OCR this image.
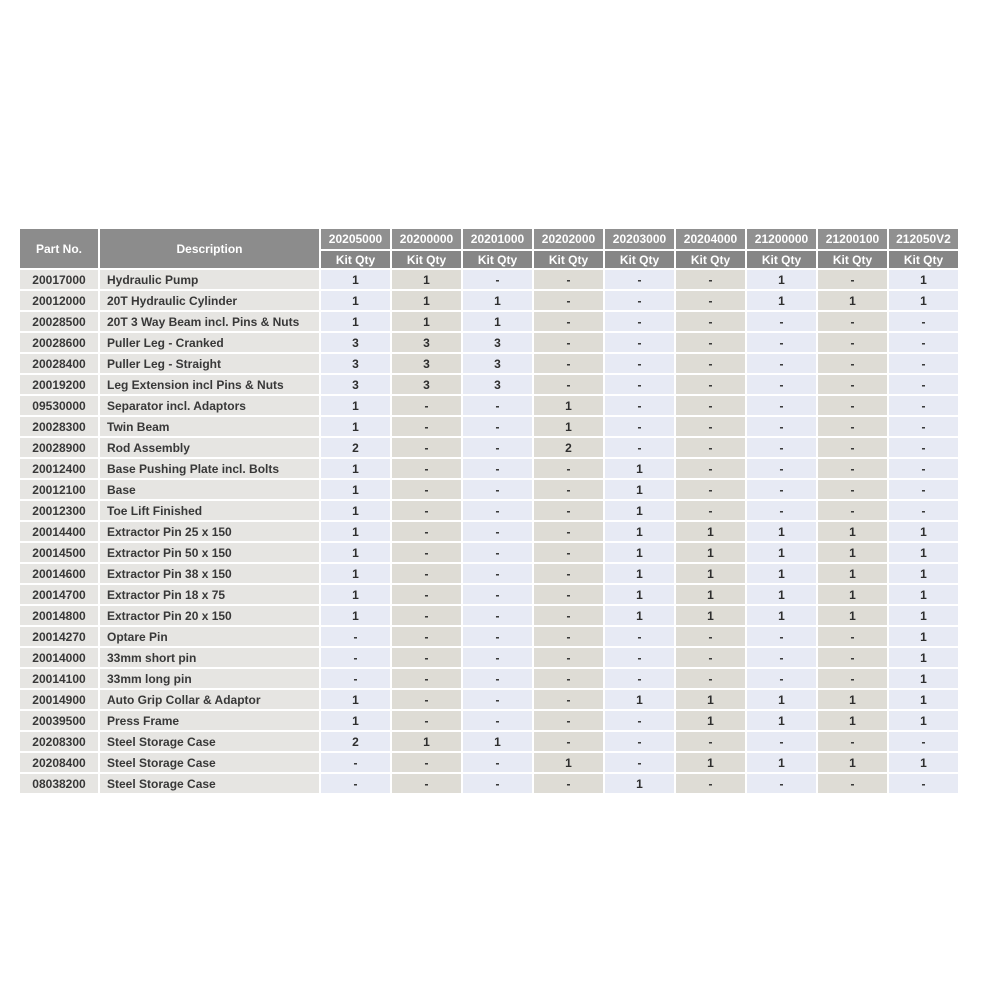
Part No.	Description	20205000	20200000	20201000	20202000	20203000	20204000	21200000	21200100	212050V2
		Kit Qty	Kit Qty	Kit Qty	Kit Qty	Kit Qty	Kit Qty	Kit Qty	Kit Qty	Kit Qty
20017000	Hydraulic Pump	1	1	-	-	-	-	1	-	1
20012000	20T Hydraulic Cylinder	1	1	1	-	-	-	1	1	1
20028500	20T 3 Way Beam incl. Pins & Nuts	1	1	1	-	-	-	-	-	-
20028600	Puller Leg - Cranked	3	3	3	-	-	-	-	-	-
20028400	Puller Leg - Straight	3	3	3	-	-	-	-	-	-
20019200	Leg Extension incl Pins & Nuts	3	3	3	-	-	-	-	-	-
09530000	Separator incl. Adaptors	1	-	-	1	-	-	-	-	-
20028300	Twin Beam	1	-	-	1	-	-	-	-	-
20028900	Rod Assembly	2	-	-	2	-	-	-	-	-
20012400	Base Pushing Plate incl. Bolts	1	-	-	-	1	-	-	-	-
20012100	Base	1	-	-	-	1	-	-	-	-
20012300	Toe Lift Finished	1	-	-	-	1	-	-	-	-
20014400	Extractor Pin 25 x 150	1	-	-	-	1	1	1	1	1
20014500	Extractor Pin 50 x 150	1	-	-	-	1	1	1	1	1
20014600	Extractor Pin 38 x 150	1	-	-	-	1	1	1	1	1
20014700	Extractor Pin 18 x 75	1	-	-	-	1	1	1	1	1
20014800	Extractor Pin 20 x 150	1	-	-	-	1	1	1	1	1
20014270	Optare Pin	-	-	-	-	-	-	-	-	1
20014000	33mm short pin	-	-	-	-	-	-	-	-	1
20014100	33mm long pin	-	-	-	-	-	-	-	-	1
20014900	Auto Grip Collar & Adaptor	1	-	-	-	1	1	1	1	1
20039500	Press Frame	1	-	-	-	-	1	1	1	1
20208300	Steel Storage Case	2	1	1	-	-	-	-	-	-
20208400	Steel Storage Case	-	-	-	1	-	1	1	1	1
08038200	Steel Storage Case	-	-	-	-	1	-	-	-	-
